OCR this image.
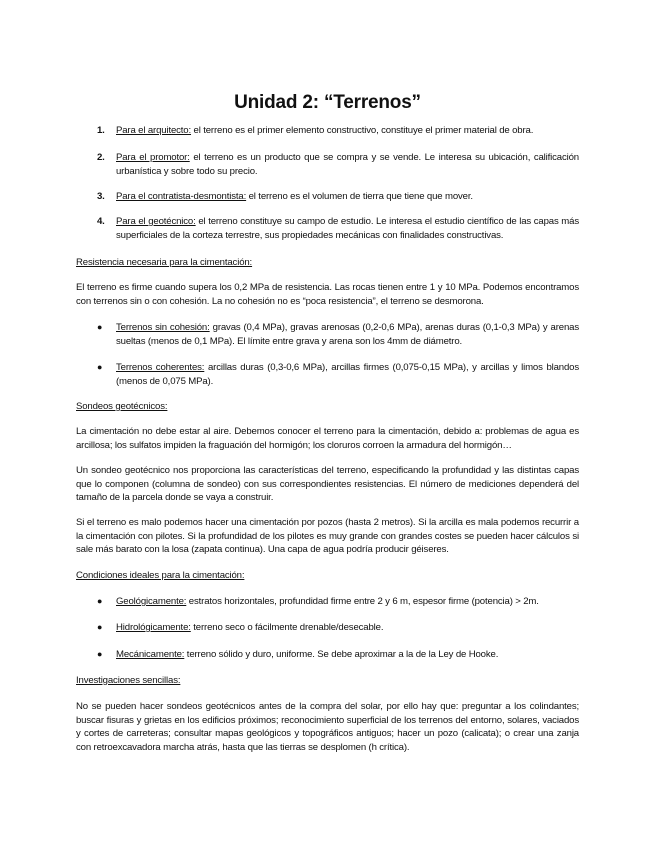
Unidad 2: “Terrenos”
1.	Para el arquitecto: el terreno es el primer elemento constructivo, constituye el primer material de obra.

2.	Para el promotor: el terreno es un producto que se compra y se vende. Le interesa su ubicación, calificación urbanística y sobre todo su precio.

3.	Para el contratista-desmontista: el terreno es el volumen de tierra que tiene que mover.

4.	Para el geotécnico: el terreno constituye su campo de estudio. Le interesa el estudio científico de las capas más superficiales de la corteza terrestre, sus propiedades mecánicas con finalidades constructivas.

Resistencia necesaria para la cimentación:

El terreno es firme cuando supera los 0,2 MPa de resistencia. Las rocas tienen entre 1 y 10 MPa. Podemos encontramos con terrenos sin o con cohesión. La no cohesión no es “poca resistencia”, el terreno se desmorona.

●	Terrenos sin cohesión: gravas (0,4 MPa), gravas arenosas (0,2-0,6 MPa), arenas duras (0,1-0,3 MPa) y arenas sueltas (menos de 0,1 MPa). El límite entre grava y arena son los 4mm de diámetro.

●	Terrenos coherentes: arcillas duras (0,3-0,6 MPa), arcillas firmes (0,075-0,15 MPa), y arcillas y limos blandos (menos de 0,075 MPa).

Sondeos geotécnicos:

La cimentación no debe estar al aire. Debemos conocer el terreno para la cimentación, debido a: problemas de agua es arcillosa; los sulfatos impiden la fraguación del hormigón; los cloruros corroen la armadura del hormigón…

Un sondeo geotécnico nos proporciona las características del terreno, especificando la profundidad y las distintas capas que lo componen (columna de sondeo) con sus correspondientes resistencias. El número de mediciones dependerá del tamaño de la parcela donde se vaya a construir.

Si el terreno es malo podemos hacer una cimentación por pozos (hasta 2 metros). Si la arcilla es mala podemos recurrir a la cimentación con pilotes. Si la profundidad de los pilotes es muy grande con grandes costes se pueden hacer cálculos si sale más barato con la losa (zapata continua). Una capa de agua podría producir géiseres.

Condiciones ideales para la cimentación:

●	Geológicamente: estratos horizontales, profundidad firme entre 2 y 6 m, espesor firme (potencia) > 2m.

●	Hidrológicamente: terreno seco o fácilmente drenable/desecable.

●	Mecánicamente: terreno sólido y duro, uniforme. Se debe aproximar a la de la Ley de Hooke.

Investigaciones sencillas:

No se pueden hacer sondeos geotécnicos antes de la compra del solar, por ello hay que: preguntar a los colindantes; buscar fisuras y grietas en los edificios próximos; reconocimiento superficial de los terrenos del entorno, solares, vaciados y cortes de carreteras; consultar mapas geológicos y topográficos antiguos; hacer un pozo (calicata); o crear una zanja con retroexcavadora marcha atrás, hasta que las tierras se desplomen (h crítica).
